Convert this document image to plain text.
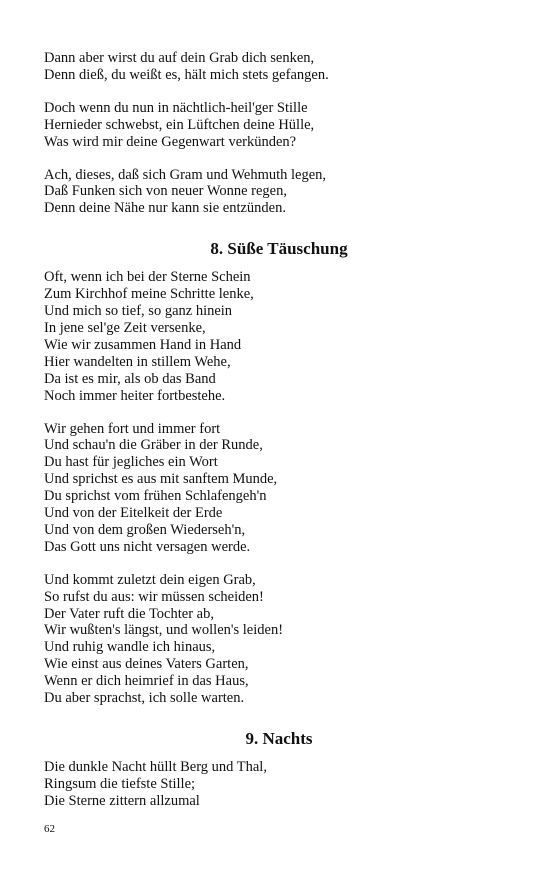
Dann aber wirst du auf dein Grab dich senken,
Denn dieß, du weißt es, hält mich stets gefangen.
Doch wenn du nun in nächtlich-heil'ger Stille
Hernieder schwebst, ein Lüftchen deine Hülle,
Was wird mir deine Gegenwart verkünden?
Ach, dieses, daß sich Gram und Wehmuth legen,
Daß Funken sich von neuer Wonne regen,
Denn deine Nähe nur kann sie entzünden.
8. Süße Täuschung
Oft, wenn ich bei der Sterne Schein
Zum Kirchhof meine Schritte lenke,
Und mich so tief, so ganz hinein
In jene sel'ge Zeit versenke,
Wie wir zusammen Hand in Hand
Hier wandelten in stillem Wehe,
Da ist es mir, als ob das Band
Noch immer heiter fortbestehe.
Wir gehen fort und immer fort
Und schau'n die Gräber in der Runde,
Du hast für jegliches ein Wort
Und sprichst es aus mit sanftem Munde,
Du sprichst vom frühen Schlafengeh'n
Und von der Eitelkeit der Erde
Und von dem großen Wiederseh'n,
Das Gott uns nicht versagen werde.
Und kommt zuletzt dein eigen Grab,
So rufst du aus: wir müssen scheiden!
Der Vater ruft die Tochter ab,
Wir wußten's längst, und wollen's leiden!
Und ruhig wandle ich hinaus,
Wie einst aus deines Vaters Garten,
Wenn er dich heimrief in das Haus,
Du aber sprachst, ich solle warten.
9. Nachts
Die dunkle Nacht hüllt Berg und Thal,
Ringsum die tiefste Stille;
Die Sterne zittern allzumal
62
